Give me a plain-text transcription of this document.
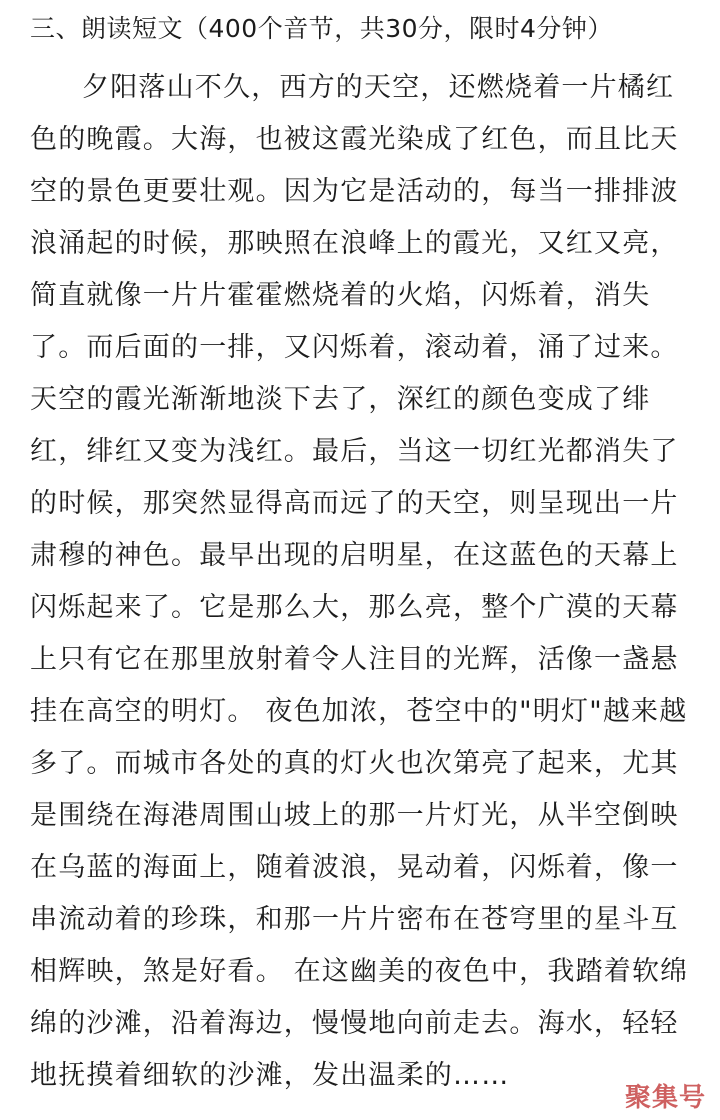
三、朗读短文（400个音节，共30分，限时4分钟）
夕阳落山不久，西方的天空，还燃烧着一片橘红
色的晚霞。大海，也被这霞光染成了红色，而且比天
空的景色更要壮观。因为它是活动的，每当一排排波
浪涌起的时候，那映照在浪峰上的霞光，又红又亮，
简直就像一片片霍霍燃烧着的火焰，闪烁着，消失
了。而后面的一排，又闪烁着，滚动着，涌了过来。
天空的霞光渐渐地淡下去了，深红的颜色变成了绯
红，绯红又变为浅红。最后，当这一切红光都消失了
的时候，那突然显得高而远了的天空，则呈现出一片
肃穆的神色。最早出现的启明星，在这蓝色的天幕上
闪烁起来了。它是那么大，那么亮，整个广漠的天幕
上只有它在那里放射着令人注目的光辉，活像一盏悬
挂在高空的明灯。 夜色加浓，苍空中的"明灯"越来越
多了。而城市各处的真的灯火也次第亮了起来，尤其
是围绕在海港周围山坡上的那一片灯光，从半空倒映
在乌蓝的海面上，随着波浪，晃动着，闪烁着，像一
串流动着的珍珠，和那一片片密布在苍穹里的星斗互
相辉映，煞是好看。 在这幽美的夜色中，我踏着软绵
绵的沙滩，沿着海边，慢慢地向前走去。海水，轻轻
地抚摸着细软的沙滩，发出温柔的……
聚集号
